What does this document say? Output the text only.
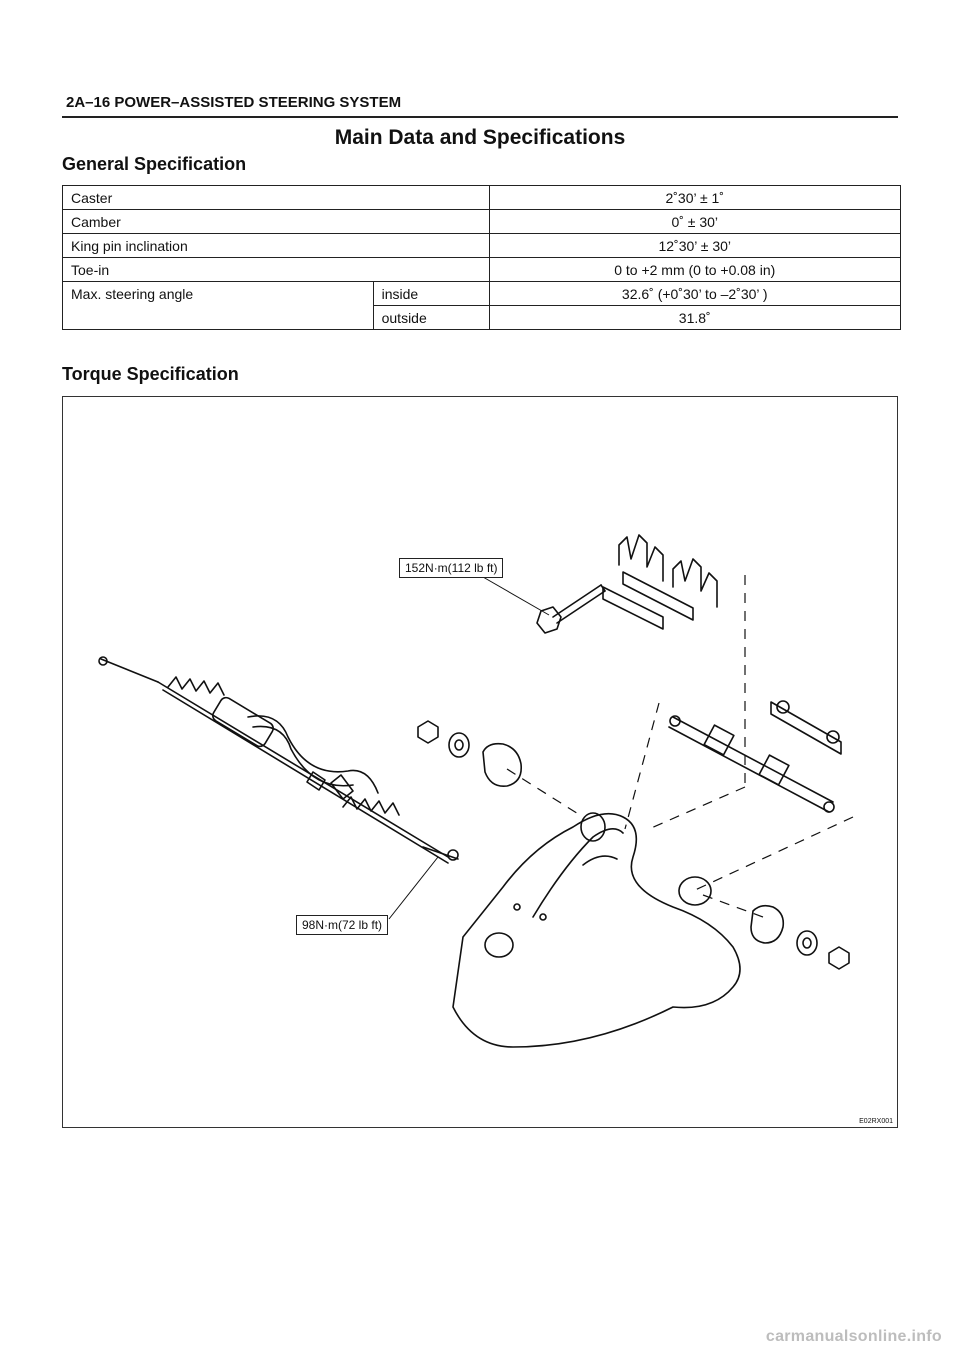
2A–16 POWER–ASSISTED STEERING SYSTEM
Main Data and Specifications
General Specification
Caster		2˚30’ ± 1˚
Camber		0˚ ± 30’
King pin inclination		12˚30’ ± 30’
Toe-in		0 to +2 mm (0 to +0.08 in)
Max. steering angle	inside	32.6˚ (+0˚30’ to –2˚30’ )
	outside	31.8˚
Torque Specification
152N·m(112 lb ft)
98N·m(72 lb ft)
E02RX001
carmanualsonline.info
